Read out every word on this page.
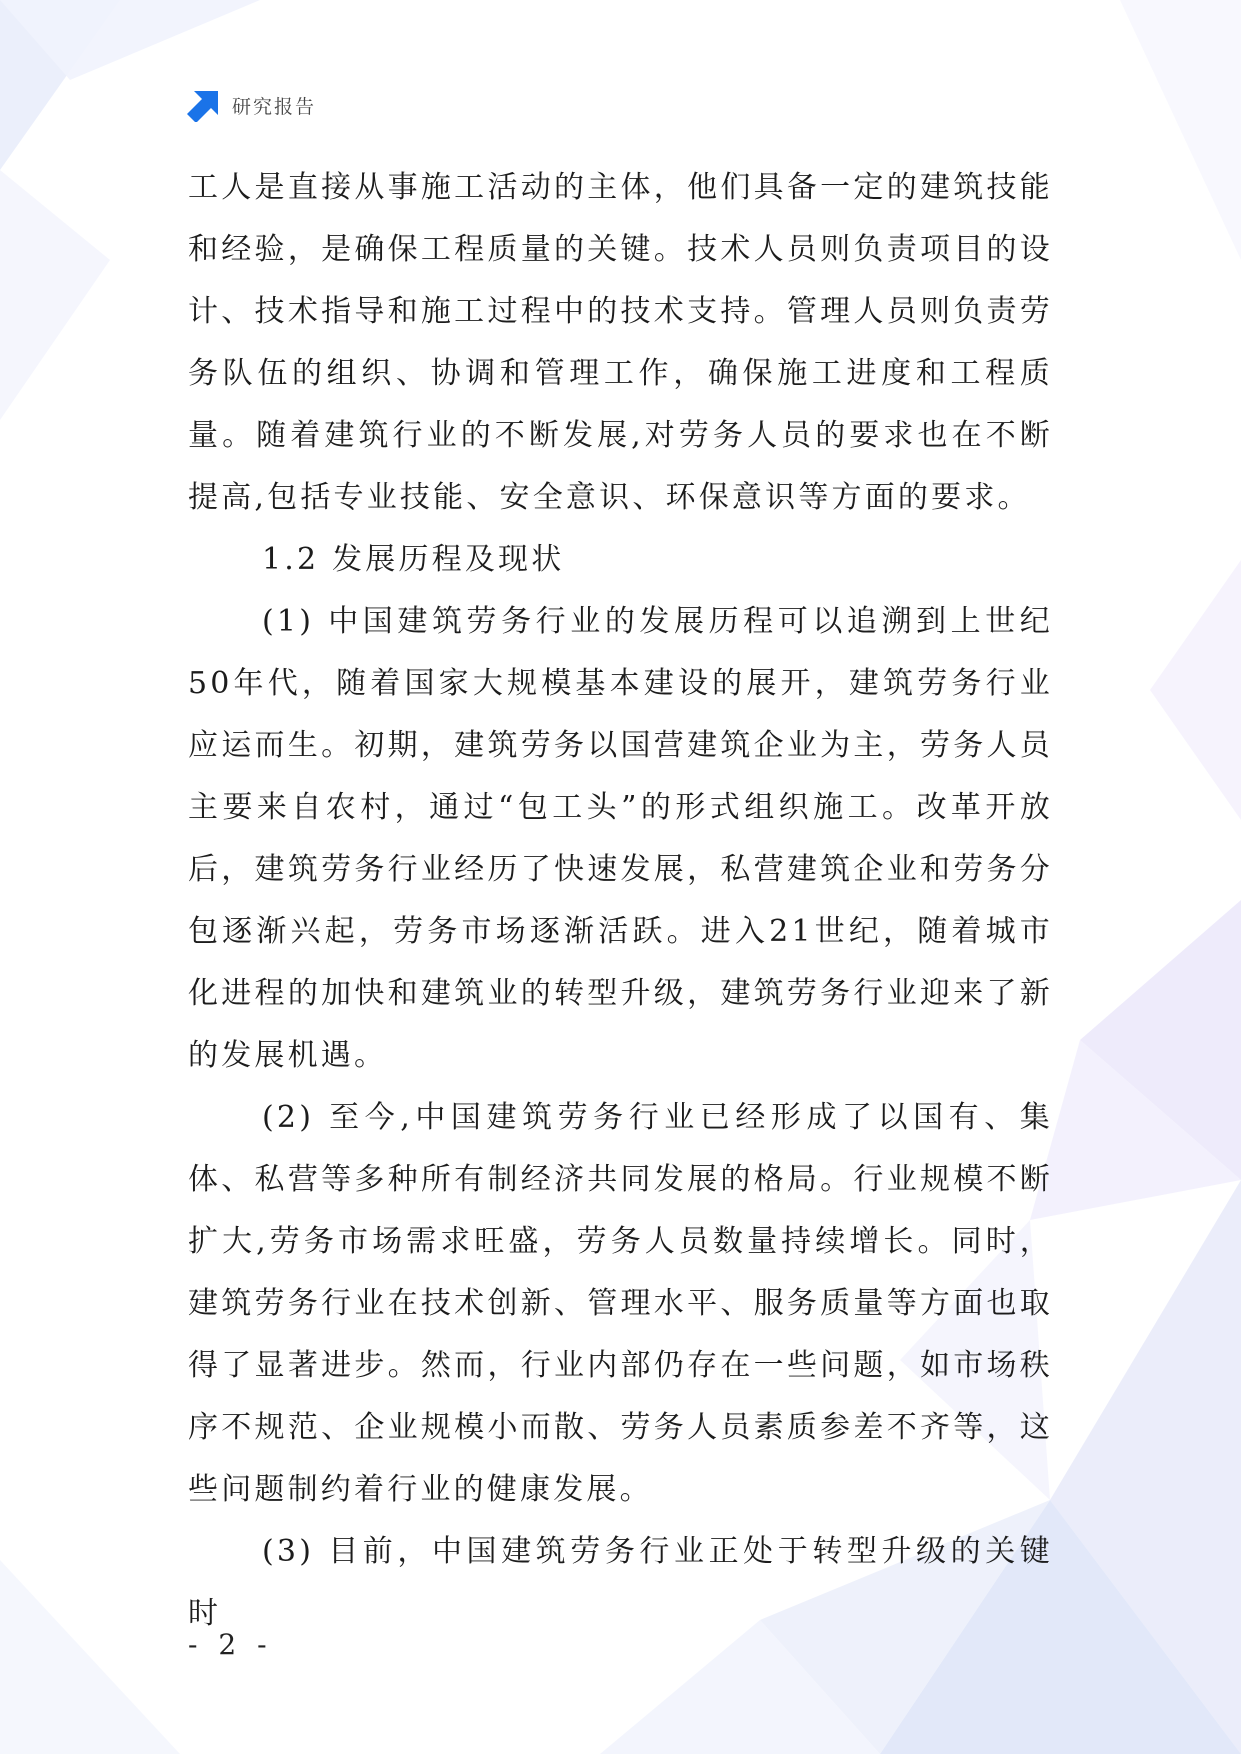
研究报告

工人是直接从事施工活动的主体，他们具备一定的建筑技能和经验，是确保工程质量的关键。技术人员则负责项目的设计、技术指导和施工过程中的技术支持。管理人员则负责劳务队伍的组织、协调和管理工作，确保施工进度和工程质量。随着建筑行业的不断发展,对劳务人员的要求也在不断提高,包括专业技能、安全意识、环保意识等方面的要求。

1.2 发展历程及现状

(1) 中国建筑劳务行业的发展历程可以追溯到上世纪50年代，随着国家大规模基本建设的展开，建筑劳务行业应运而生。初期，建筑劳务以国营建筑企业为主，劳务人员主要来自农村，通过“包工头”的形式组织施工。改革开放后，建筑劳务行业经历了快速发展，私营建筑企业和劳务分包逐渐兴起，劳务市场逐渐活跃。进入21世纪，随着城市化进程的加快和建筑业的转型升级，建筑劳务行业迎来了新的发展机遇。

(2) 至今,中国建筑劳务行业已经形成了以国有、集体、私营等多种所有制经济共同发展的格局。行业规模不断扩大,劳务市场需求旺盛，劳务人员数量持续增长。同时，建筑劳务行业在技术创新、管理水平、服务质量等方面也取得了显著进步。然而，行业内部仍存在一些问题，如市场秩序不规范、企业规模小而散、劳务人员素质参差不齐等，这些问题制约着行业的健康发展。

(3) 目前，中国建筑劳务行业正处于转型升级的关键时

- 2 -
